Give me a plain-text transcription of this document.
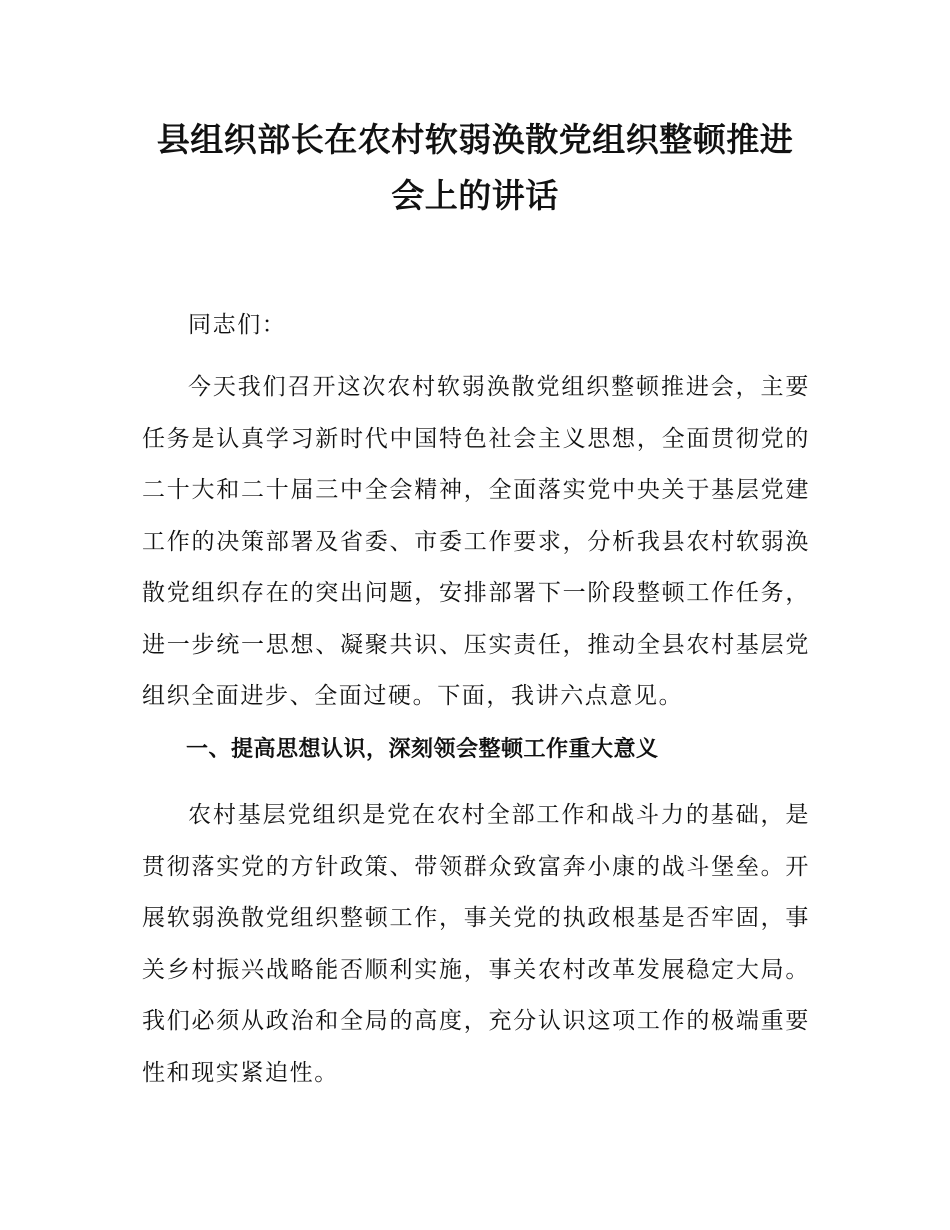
县组织部长在农村软弱涣散党组织整顿推进
会上的讲话

同志们：

今天我们召开这次农村软弱涣散党组织整顿推进会，主要任务是认真学习新时代中国特色社会主义思想，全面贯彻党的二十大和二十届三中全会精神，全面落实党中央关于基层党建工作的决策部署及省委、市委工作要求，分析我县农村软弱涣散党组织存在的突出问题，安排部署下一阶段整顿工作任务，进一步统一思想、凝聚共识、压实责任，推动全县农村基层党组织全面进步、全面过硬。下面，我讲六点意见。

一、提高思想认识，深刻领会整顿工作重大意义

农村基层党组织是党在农村全部工作和战斗力的基础，是贯彻落实党的方针政策、带领群众致富奔小康的战斗堡垒。开展软弱涣散党组织整顿工作，事关党的执政根基是否牢固，事关乡村振兴战略能否顺利实施，事关农村改革发展稳定大局。我们必须从政治和全局的高度，充分认识这项工作的极端重要性和现实紧迫性。
